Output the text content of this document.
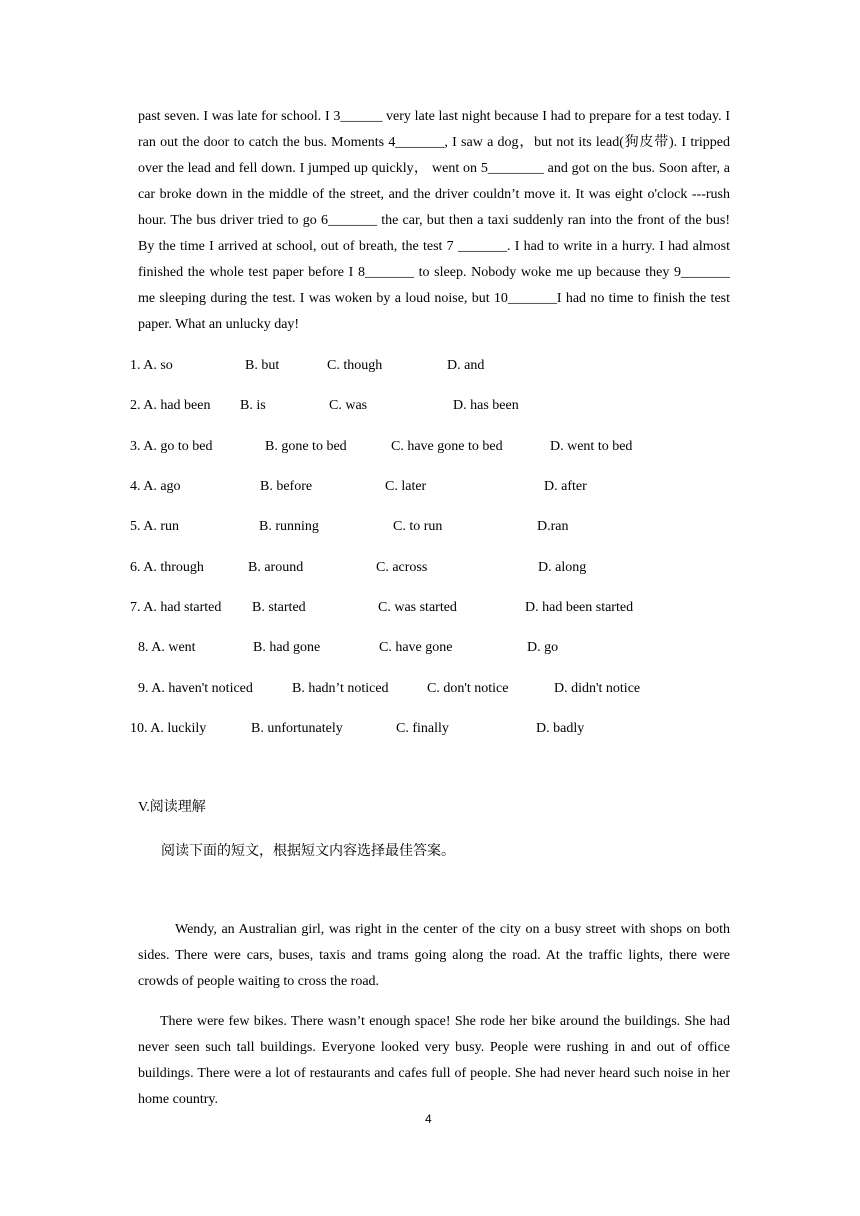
past seven. I was late for school. I 3______ very late last night because I had to prepare for a test today. I ran out the door to catch the bus. Moments 4_______, I saw a dog，but not its lead(狗皮带). I tripped over the lead and fell down. I jumped up quickly， went on 5________ and got on the bus. Soon after, a car broke down in the middle of the street, and the driver couldn’t move it. It was eight o'clock ---rush hour. The bus driver tried to go 6_______ the car, but then a taxi suddenly ran into the front of the bus! By the time I arrived at school, out of breath, the test 7 _______. I had to write in a hurry. I had almost finished the whole test paper before I 8_______ to sleep. Nobody woke me up because they 9_______ me sleeping during the test. I was woken by a loud noise, but 10_______I had no time to finish the test paper. What an unlucky day!

1. A. so	B. but	C. though	D. and
2. A. had been B. is	C. was	D. has been
3. A. go to bed	B. gone to bed	C. have gone to bed	D. went to bed
4. A. ago	B. before	C. later	D. after
5. A. run	B. running	C. to run	D.ran
6. A. through	B. around	C. across	D. along
7. A. had started B. started	C. was started	D. had been started
8. A. went	B. had gone	C. have gone	D. go
9. A. haven't noticed	B. hadn’t noticed	C. don't notice	D. didn't notice
10. A. luckily	B. unfortunately	C. finally	D. badly
V.阅读理解
阅读下面的短文，根据短文内容选择最佳答案。

Wendy, an Australian girl, was right in the center of the city on a busy street with shops on both sides. There were cars, buses, taxis and trams going along the road. At the traffic lights, there were crowds of people waiting to cross the road.

There were few bikes. There wasn’t enough space! She rode her bike around the buildings. She had never seen such tall buildings. Everyone looked very busy. People were rushing in and out of office buildings. There were a lot of restaurants and cafes full of people. She had never heard such noise in her home country.

4
